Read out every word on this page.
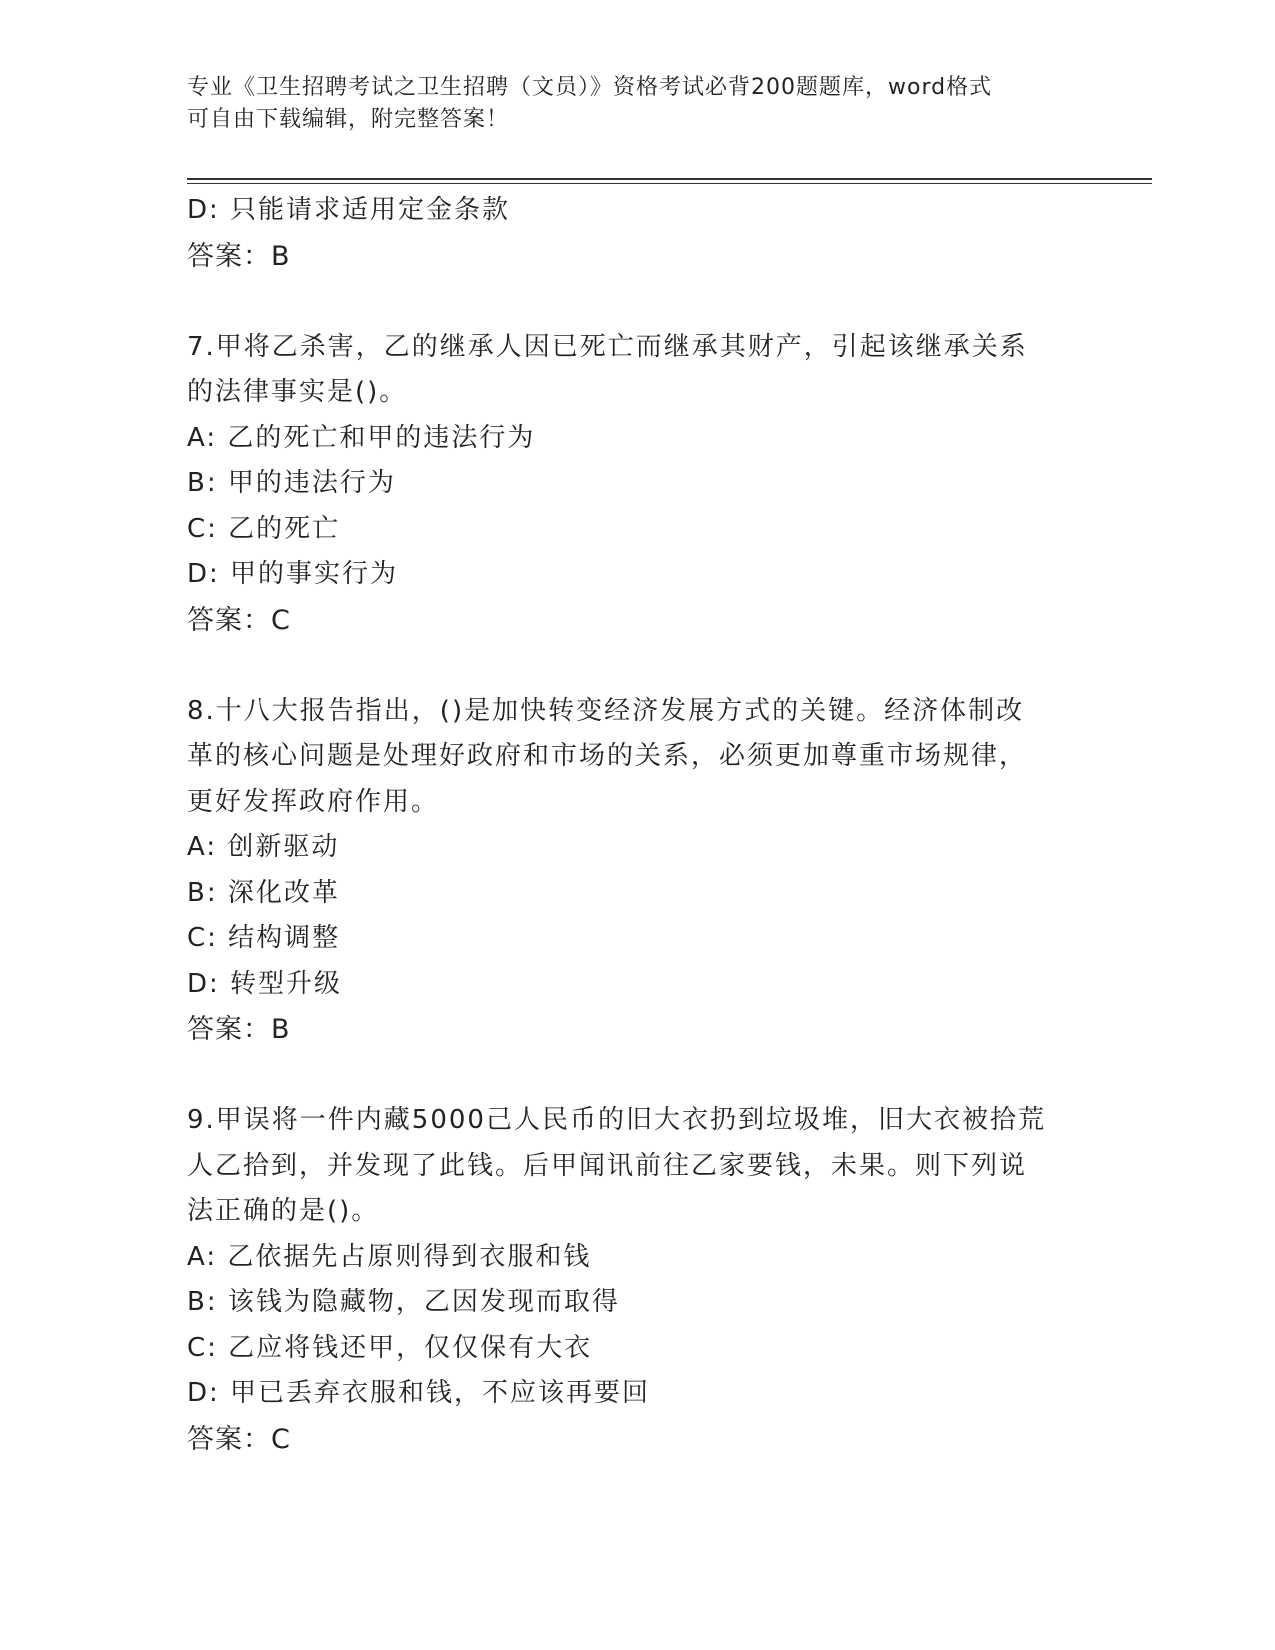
专业《卫生招聘考试之卫生招聘（文员）》资格考试必背200题题库，word格式
可自由下载编辑，附完整答案！
D: 只能请求适用定金条款
答案：B
7.甲将乙杀害，乙的继承人因已死亡而继承其财产，引起该继承关系
的法律事实是()。
A: 乙的死亡和甲的违法行为
B: 甲的违法行为
C: 乙的死亡
D: 甲的事实行为
答案：C
8.十八大报告指出，()是加快转变经济发展方式的关键。经济体制改
革的核心问题是处理好政府和市场的关系，必须更加尊重市场规律，
更好发挥政府作用。
A: 创新驱动
B: 深化改革
C: 结构调整
D: 转型升级
答案：B
9.甲误将一件内藏5000己人民币的旧大衣扔到垃圾堆，旧大衣被拾荒
人乙拾到，并发现了此钱。后甲闻讯前往乙家要钱，未果。则下列说
法正确的是()。
A: 乙依据先占原则得到衣服和钱
B: 该钱为隐藏物，乙因发现而取得
C: 乙应将钱还甲，仅仅保有大衣
D: 甲已丢弃衣服和钱，不应该再要回
答案：C
